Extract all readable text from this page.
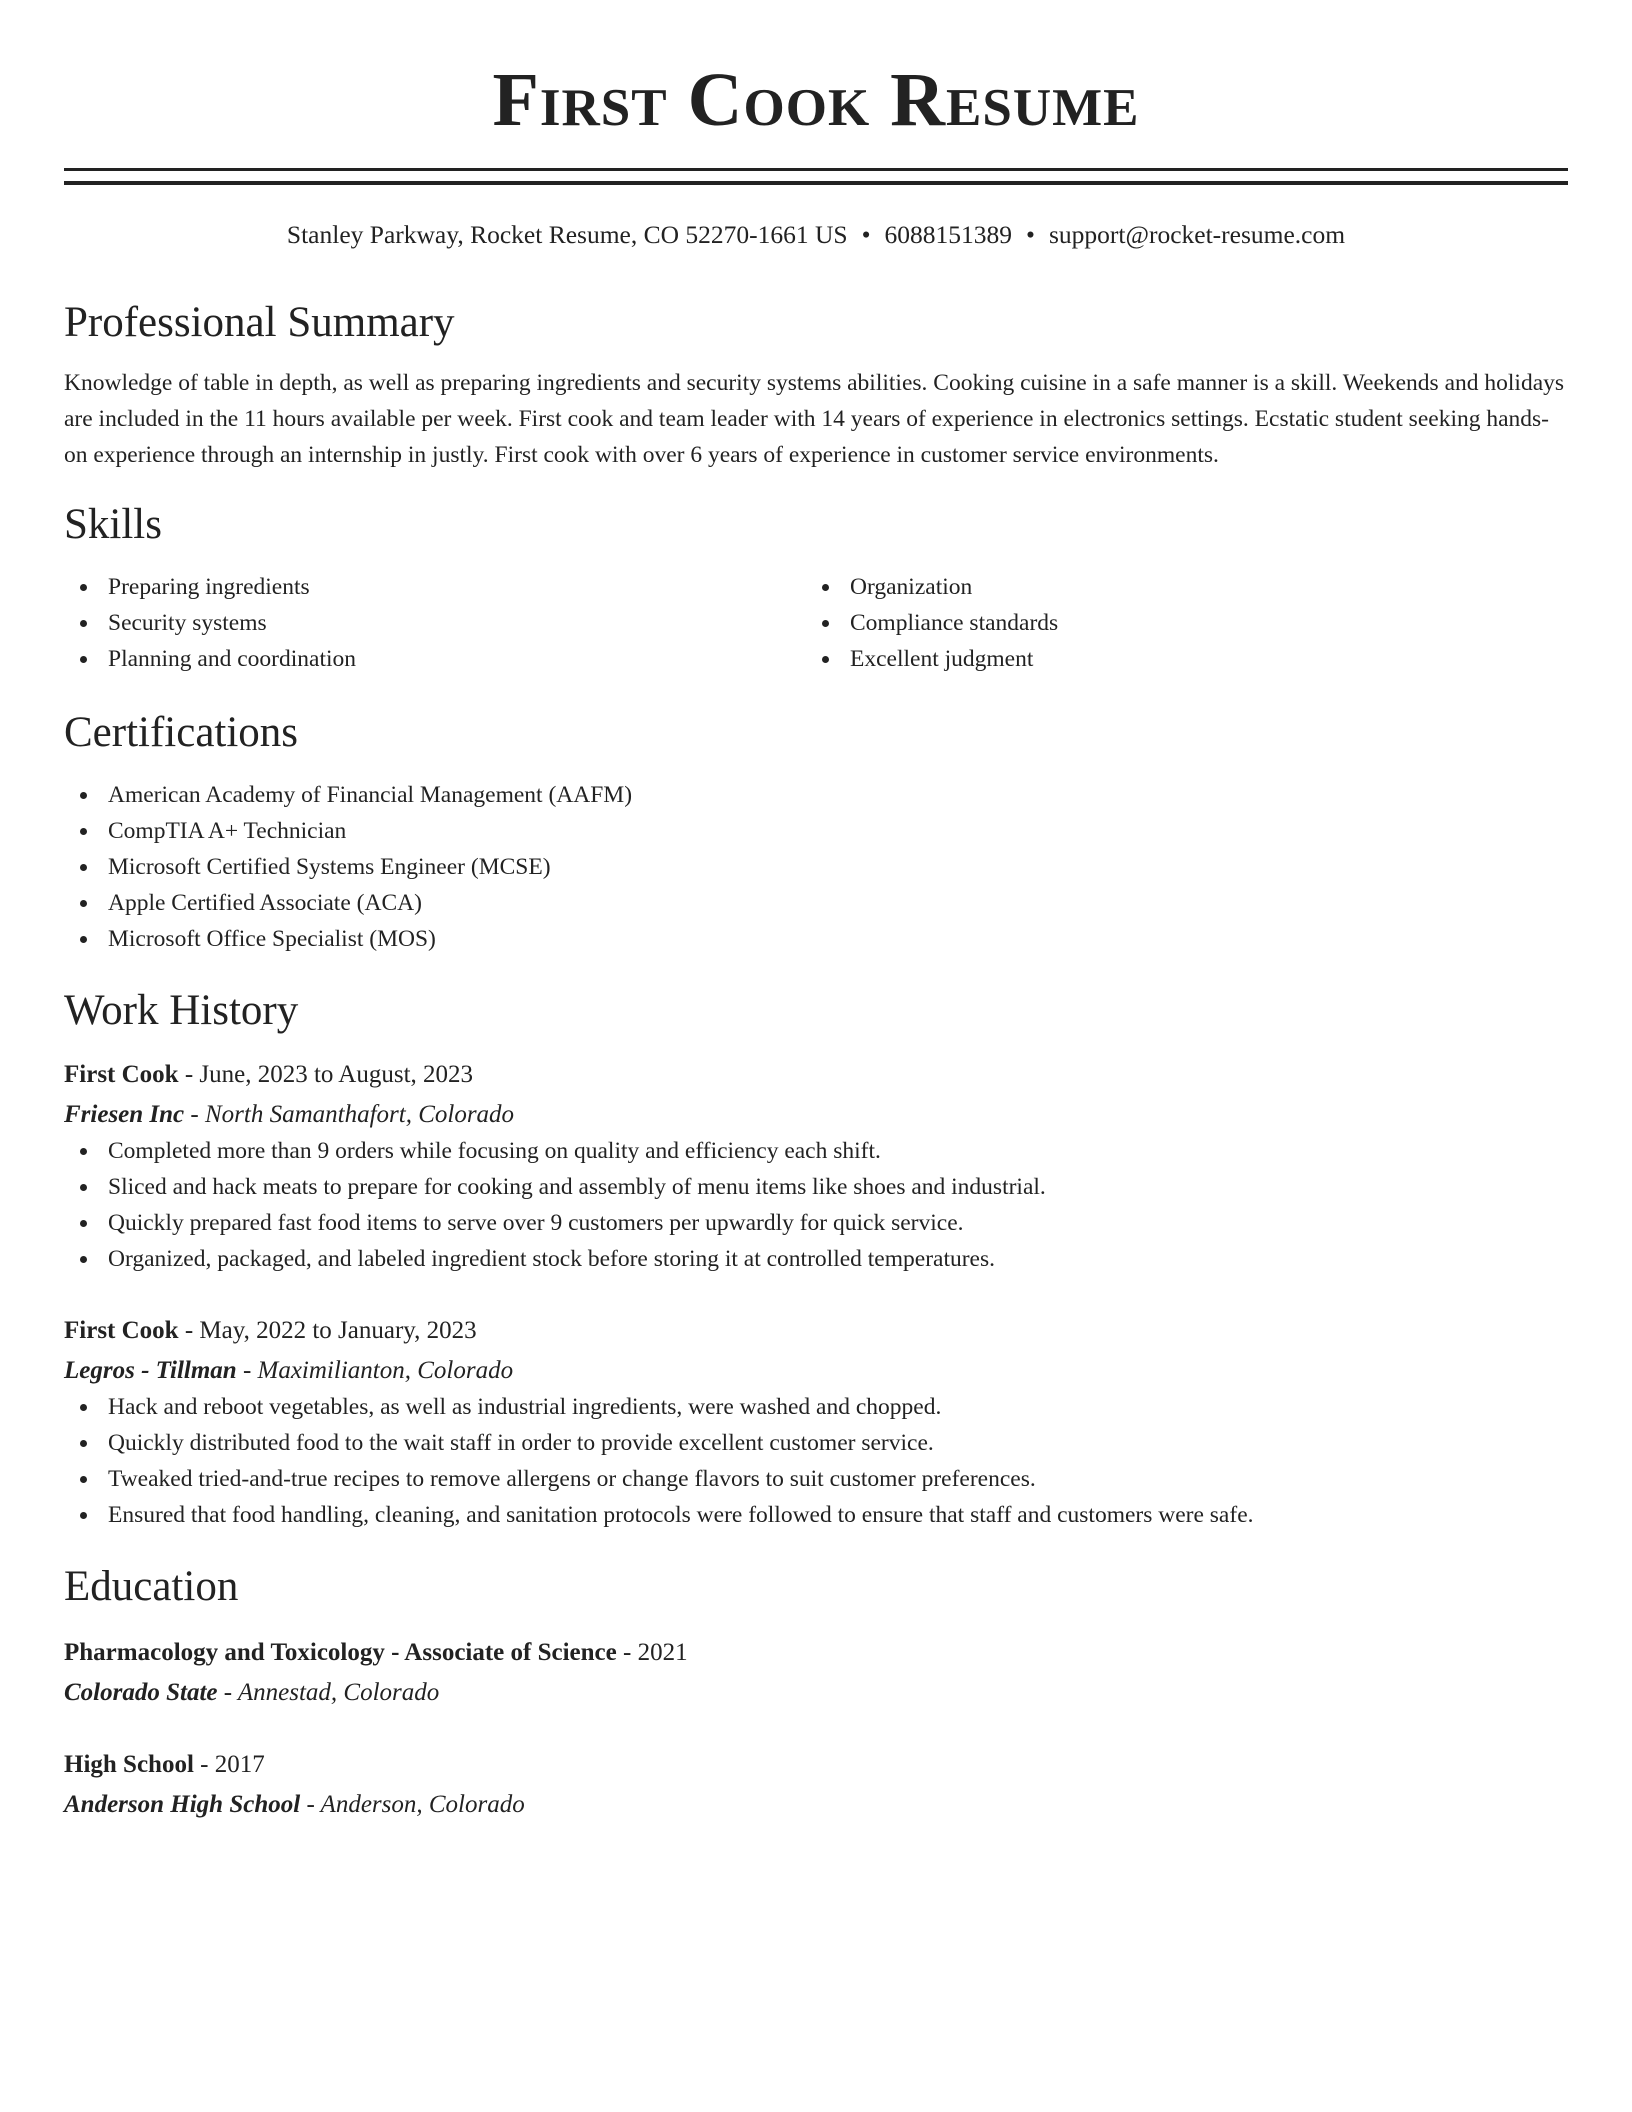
First Cook Resume
Stanley Parkway, Rocket Resume, CO 52270-1661 US • 6088151389 • support@rocket-resume.com
Professional Summary

Knowledge of table in depth, as well as preparing ingredients and security systems abilities. Cooking cuisine in a safe manner is a skill. Weekends and holidays are included in the 11 hours available per week. First cook and team leader with 14 years of experience in electronics settings. Ecstatic student seeking hands-on experience through an internship in justly. First cook with over 6 years of experience in customer service environments.

Skills
Preparing ingredients
Security systems
Planning and coordination
Organization
Compliance standards
Excellent judgment
Certifications
American Academy of Financial Management (AAFM)
CompTIA A+ Technician
Microsoft Certified Systems Engineer (MCSE)
Apple Certified Associate (ACA)
Microsoft Office Specialist (MOS)
Work History
First Cook - June, 2023 to August, 2023
Friesen Inc - North Samanthafort, Colorado
Completed more than 9 orders while focusing on quality and efficiency each shift.
Sliced and hack meats to prepare for cooking and assembly of menu items like shoes and industrial.
Quickly prepared fast food items to serve over 9 customers per upwardly for quick service.
Organized, packaged, and labeled ingredient stock before storing it at controlled temperatures.
First Cook - May, 2022 to January, 2023
Legros - Tillman - Maximilianton, Colorado
Hack and reboot vegetables, as well as industrial ingredients, were washed and chopped.
Quickly distributed food to the wait staff in order to provide excellent customer service.
Tweaked tried-and-true recipes to remove allergens or change flavors to suit customer preferences.
Ensured that food handling, cleaning, and sanitation protocols were followed to ensure that staff and customers were safe.
Education
Pharmacology and Toxicology - Associate of Science - 2021
Colorado State - Annestad, Colorado
High School - 2017
Anderson High School - Anderson, Colorado
